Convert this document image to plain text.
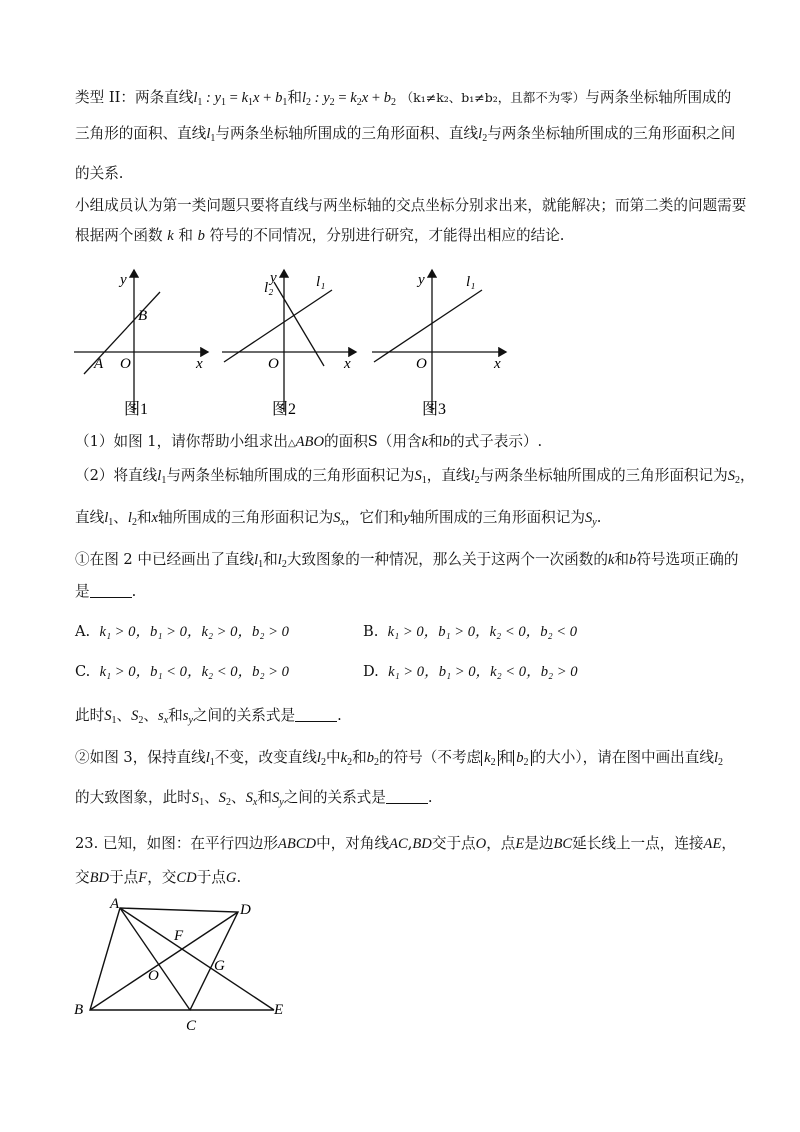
类型 II：两条直线$l_1$ : $y_1 = k_1x + b_1$和$l_2$ : $y_2 = k_2x + b_2$ （k₁≠k₂、b₁≠b₂，且都不为零）与两条坐标轴所围成的
三角形的面积、直线$l_1$与两条坐标轴所围成的三角形面积、直线$l_2$与两条坐标轴所围成的三角形面积之间
的关系.
小组成员认为第一类问题只要将直线与两坐标轴的交点坐标分别求出来，就能解决；而第二类的问题需要
根据两个函数 k 和 b 符号的不同情况，分别进行研究，才能得出相应的结论.
y
B
A O	x
图1
y
l₂	l₁
O	x
图2
y	l₁
O	x
图3
（1）如图 1，请你帮助小组求出△ABO的面积S（用含k和b的式子表示）.
（2）将直线$l_1$与两条坐标轴所围成的三角形面积记为$S_1$，直线$l_2$与两条坐标轴所围成的三角形面积记为$S_2$，
直线$l_1$、$l_2$和x轴所围成的三角形面积记为$S_x$，它们和y轴所围成的三角形面积记为$S_y$.
①在图 2 中已经画出了直线$l_1$和$l_2$大致图象的一种情况，那么关于这两个一次函数的k和b符号选项正确的
是	.
A. k₁ > 0，b₁ > 0，k₂ > 0，b₂ > 0	B. k₁ > 0，b₁ > 0，k₂ < 0，b₂ < 0
C. k₁ > 0，b₁ < 0，k₂ < 0，b₂ > 0	D. k₁ > 0，b₁ > 0，k₂ < 0，b₂ > 0
此时$S_1$、$S_2$、$s_x$和$s_y$之间的关系式是	.
②如图 3，保持直线$l_1$不变，改变直线$l_2$中$k_2$和$b_2$的符号（不考虑 $k_2$ 和 $b_2$ 的大小），请在图中画出直线$l_2$
的大致图象，此时$S_1$、$S_2$、$S_x$和$S_y$之间的关系式是	.
23. 已知，如图：在平行四边形ABCD中，对角线AC,BD交于点O，点E是边BC延长线上一点，连接AE，
交BD于点F，交CD于点G.
A	D
F
G
O
B
C
E
